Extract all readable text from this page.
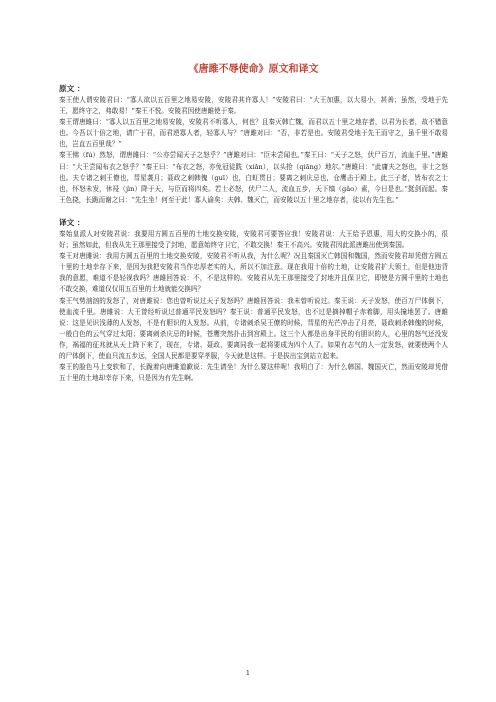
《唐雎不辱使命》原文和译文

原文 ：

秦王使人谓安陵君曰：“寡人欲以五百里之地易安陵，安陵君其许寡人！”安陵君曰：“大王加惠，以大易小，甚善；虽然，受地于先王，愿终守之，弗敢易！”秦王不悦。安陵君因使唐雎使于秦。

秦王谓唐雎曰：“寡人以五百里之地易安陵，安陵君不听寡人，何也？且秦灭韩亡魏，而君以五十里之地存者，以君为长者，故不错意也。今吾以十倍之地，请广于君，而君逆寡人者，轻寡人与？”唐雎对曰：“否，非若是也。安陵君受地于先王而守之，虽千里不敢易也，岂直五百里哉？”

秦王怫（fú）然怒，谓唐雎曰：“公亦尝闻天子之怒乎？”唐雎对曰：“臣未尝闻也。”秦王曰：“天子之怒，伏尸百万，流血千里。”唐雎曰：“大王尝闻布衣之怒乎？”秦王曰：“布衣之怒，亦免冠徒跣（xiǎn），以头抢（qiāng）地尔。”唐雎曰：“此庸夫之怒也，非士之怒也。夫专诸之刺王僚也，彗星袭月；聂政之刺韩傀（guī）也，白虹贯日；要离之刺庆忌也，仓鹰击于殿上。此三子者，皆布衣之士也，怀怒未发，休祲（jìn）降于天，与臣而将四矣。若士必怒，伏尸二人，流血五步，天下缟（gǎo）素，今日是也。”挺剑而起。秦王色挠，长跪而谢之曰：“先生坐！何至于此！寡人谕矣：夫韩、魏灭亡，而安陵以五十里之地存者，徒以有先生也。”

译文 ：

秦始皇派人对安陵君说：我要用方圆五百里的土地交换安陵，安陵君可要答应我！安陵君说：大王给予恩惠，用大的交换小的，很好；虽然如此，但我从先王那里接受了封地，愿意始终守卫它，不敢交换！秦王不高兴。安陵君因此派唐雎出使到秦国。

秦王对唐雎说：我用方圆五百里的土地交换安陵，安陵君不听从我，为什么呢？况且秦国灭亡韩国和魏国，然而安陵君却凭借方圆五十里的土地幸存下来，是因为我把安陵君当作忠厚老实的人，所以不加注意。现在我用十倍的土地，让安陵君扩大领土，但是他违背我的意愿，难道不是轻视我吗？唐雎回答说：不，不是这样的。安陵君从先王那里接受了封地并且保卫它，即使是方圆千里的土地也不敢交换，难道仅仅用五百里的土地就能交换吗？

秦王气势汹汹的发怒了，对唐雎说：您也曾听说过天子发怒吗？唐雎回答说：我未曾听说过。秦王说：天子发怒，使百万尸体倒下，使血流千里。唐雎说：大王曾经听说过普通平民发怒吗？秦王说：普通平民发怒，也不过是摘掉帽子赤着脚，用头撞地罢了。唐雎说：这是见识浅薄的人发怒，不是有胆识的人发怒。从前，专诸刺杀吴王僚的时候，彗星的光芒冲击了月亮，聂政刺杀韩傀的时候，一般白色的云气穿过太阳；要离刺杀庆忌的时候，苍鹰突然扑击到宫殿上。这三个人都是出身平民的有胆识的人，心里的怒气还没发作，祸福的征兆就从天上降下来了，现在，专诸、聂政、要离同我一起将要成为四个人了。如果有志气的人一定发怒，就要使两个人的尸体倒下，使血只流五步远，全国人民都是要穿孝服，今天就是这样。于是拔出宝剑站立起来。

秦王的脸色马上变软和了，长跪着向唐雎道歉说：先生请坐！为什么要这样呢！我明白了：为什么韩国、魏国灭亡，然而安陵却凭借五十里的土地却幸存下来，只是因为有先生啊。

1
